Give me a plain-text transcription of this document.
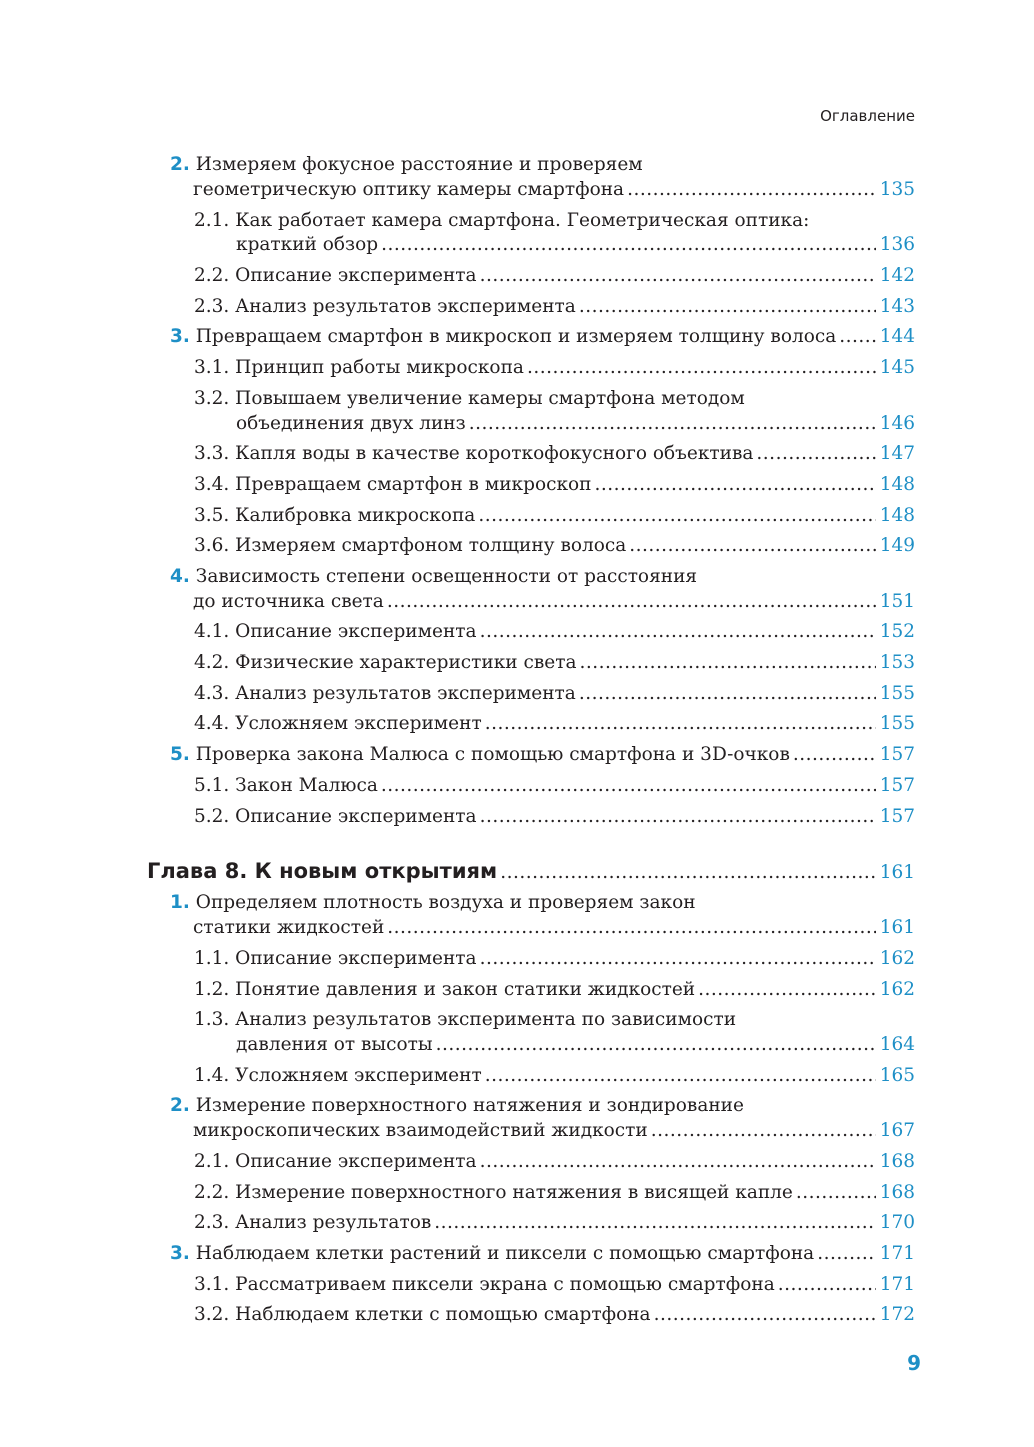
Оглавление
2. Измеряем фокусное расстояние и проверяем
геометрическую оптику камеры смартфона .....	135
2.1. Как работает камера смартфона. Геометрическая оптика:
краткий обзор .....	136
2.2. Описание эксперимента .....	142
2.3. Анализ результатов эксперимента .....	143
3. Превращаем смартфон в микроскоп и измеряем толщину волоса ..... 144
3.1. Принцип работы микроскопа .....	145
3.2. Повышаем увеличение камеры смартфона методом
объединения двух линз .....	146
3.3. Капля воды в качестве короткофокусного объектива .....	147
3.4. Превращаем смартфон в микроскоп .....	148
3.5. Калибровка микроскопа .....	148
3.6. Измеряем смартфоном толщину волоса .....	149
4. Зависимость степени освещенности от расстояния
до источника света .....	151
4.1. Описание эксперимента .....	152
4.2. Физические характеристики света .....	153
4.3. Анализ результатов эксперимента .....	155
4.4. Усложняем эксперимент .....	155
5. Проверка закона Малюса с помощью смартфона и 3D-очков .....	157
5.1. Закон Малюса .....	157
5.2. Описание эксперимента .....	157
Глава 8. К новым открытиям .....	161
1. Определяем плотность воздуха и проверяем закон
статики жидкостей .....	161
1.1. Описание эксперимента .....	162
1.2. Понятие давления и закон статики жидкостей .....	162
1.3. Анализ результатов эксперимента по зависимости
давления от высоты .....	164
1.4. Усложняем эксперимент .....	165
2. Измерение поверхностного натяжения и зондирование
микроскопических взаимодействий жидкости .....	167
2.1. Описание эксперимента .....	168
2.2. Измерение поверхностного натяжения в висящей капле .....	168
2.3. Анализ результатов .....	170
3. Наблюдаем клетки растений и пиксели с помощью смартфона .....	171
3.1. Рассматриваем пиксели экрана с помощью смартфона .....	171
3.2. Наблюдаем клетки с помощью смартфона .....	172
9
